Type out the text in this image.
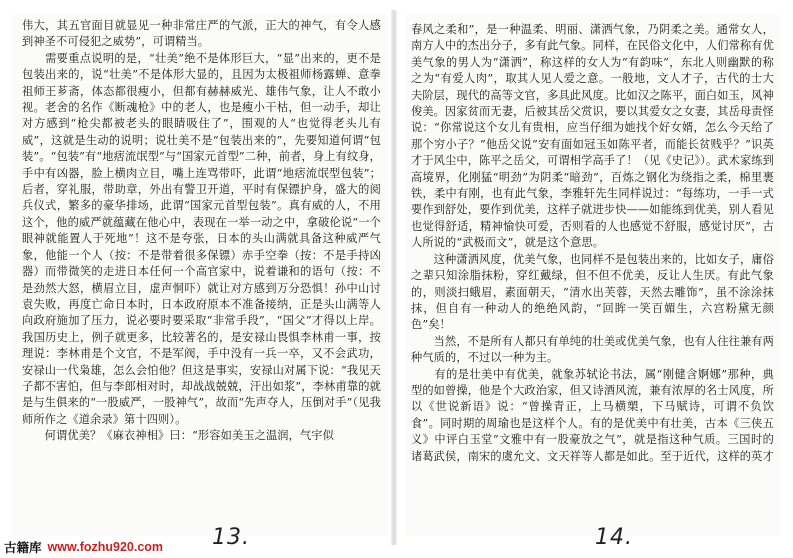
伟大，其五官面目就显见一种非常庄严的气派，正大的神气，有令人感到神圣不可侵犯之威势”，可谓精当。
　　需要重点说明的是，“壮美”绝不是体形巨大，“显”出来的，更不是包装出来的，说“壮美”不是体形大显的，且因为太极祖师杨露蝉、意拳祖师王芗斋，体态都很瘦小，但都有赫赫威光、雄伟气象，让人不敢小视。老舍的名作《断魂枪》中的老人，也是瘦小干枯，但一动手，却让对方感到“枪尖都被老头的眼睛吸住了”，围观的人“也觉得老头儿有威”，这就是生动的说明；说壮美不是“包装出来的”，先要知道何谓“包装”。“包装”有“地痞流氓型”与“国家元首型”二种，前者，身上有纹身，手中有凶器，脸上横肉立目，嘴上连骂带吓，此谓“地痞流氓型包装”；后者，穿礼服，带助章，外出有警卫开道，平时有保镖护身，盛大的阅兵仪式，繁多的豪华排场，此谓“国家元首型包装”。真有威的人，不用这个，他的威严就蕴藏在他心中，表现在一举一动之中，拿破伦说“一个眼神就能置人于死地”！这不是夸张，日本的头山满就具备这种威严气象，他能一个人（按：不是带着很多保镖）赤手空拳（按：不是手持凶器）而带微笑的走进日本任何一个高官家中，说着谦和的语句（按：不是劲然大怒，横眉立目，虚声恫吓）就让对方感到万分恐惧！孙中山讨袁失败，再度亡命日本时，日本政府原本不准备接纳，正是头山满等人向政府施加了压力，说必要时要采取“非常手段”，“国父”才得以上岸。我国历史上，例子就更多，比较著名的，是安禄山畏惧李林甫一事，按理说：李林甫是个文官，不是军阀，手中没有一兵一卒，又不会武功，安禄山一代枭雄，怎么会怕他？但这是事实，安禄山对属下说：“我见天子都不害怕，但与李郎相对时，却战战兢兢，汗出如浆”，李林甫靠的就是与生俱来的“一股威严，一股神气”，故而“先声夺人，压倒对手”（见我师所作之《道余录》第十四则）。
　　何谓优美？《麻衣神相》曰：“形容如美玉之温润，气宇似
13.
春风之柔和”，是一种温柔、明丽、潇洒气象，乃阴柔之美。通常女人，南方人中的杰出分子，多有此气象。同样，在民俗文化中，人们常称有优美气象的男人为“潇洒”，称这样的女人为“有韵味”，东北人则幽默的称之为“有爱人肉”，取其人见人爱之意。一般地，文人才子，古代的士大夫阶层，现代的高等文官，多具此风度。比如汉之陈平，面白如玉，风神俊美。因家贫而无妻，后被其岳父赏识，要以其爱女之女妻，其岳母责怪说：“你常说这个女儿有贵相，应当仔细为她找个好女婿，怎么今天给了那个穷小子？”他岳父说“安有面如冠玉如陈平者，而能长贫贱乎？”识英才于风尘中，陈平之岳父，可谓相学高手了！（见《史记》）。武术家练到高境界，化刚猛“明劲”为阴柔“暗劲”，百炼之钢化为绕指之柔，棉里裹铁，柔中有刚，也有此气象，李雅轩先生同样说过：“每练功，一手一式要作到舒处，要作到优美，这样子就进步快——如能练到优美，别人看见也觉得舒适，精神愉快可爱，否则看的人也感觉不舒服，感觉讨厌”，古人所说的“武极而文”，就是这个意思。
　　这种潇洒风度，优美气象，也同样不是包装出来的，比如女子，庸俗之辈只知涂脂抹粉，穿红戴绿，但不但不优美，反让人生厌。有此气象的，则淡扫蛾眉，素面朝天，“清水出芙蓉，天然去雕饰”，虽不涂涂抹抹，但自有一种动人的绝绝风韵，“回眸一笑百媚生，六宫粉黛无颜色”矣！
　　当然，不是所有人都只有单纯的壮美或优美气象，也有人往往兼有两种气质的，不过以一种为主。
　　有的是壮美中有优美，就象苏轼论书法，属“刚健含婀娜”那种，典型的如曾操，他是个大政治家，但又诗酒风流，兼有浓厚的名士风度，所以《世说新语》说：“曾操青正，上马横槊，下马赋诗，可谓不负饮食”。同时期的周瑜也是这样个人。有的是优美中有壮美，古本《三侠五义》中评白玉堂“文雅中有一股豪放之气”，就是指这种气质。三国时的诸葛武侯，南宋的虞允文、文天祥等人都是如此。至于近代，这样的英才
14.
古籍库 www.fozhu920.com
